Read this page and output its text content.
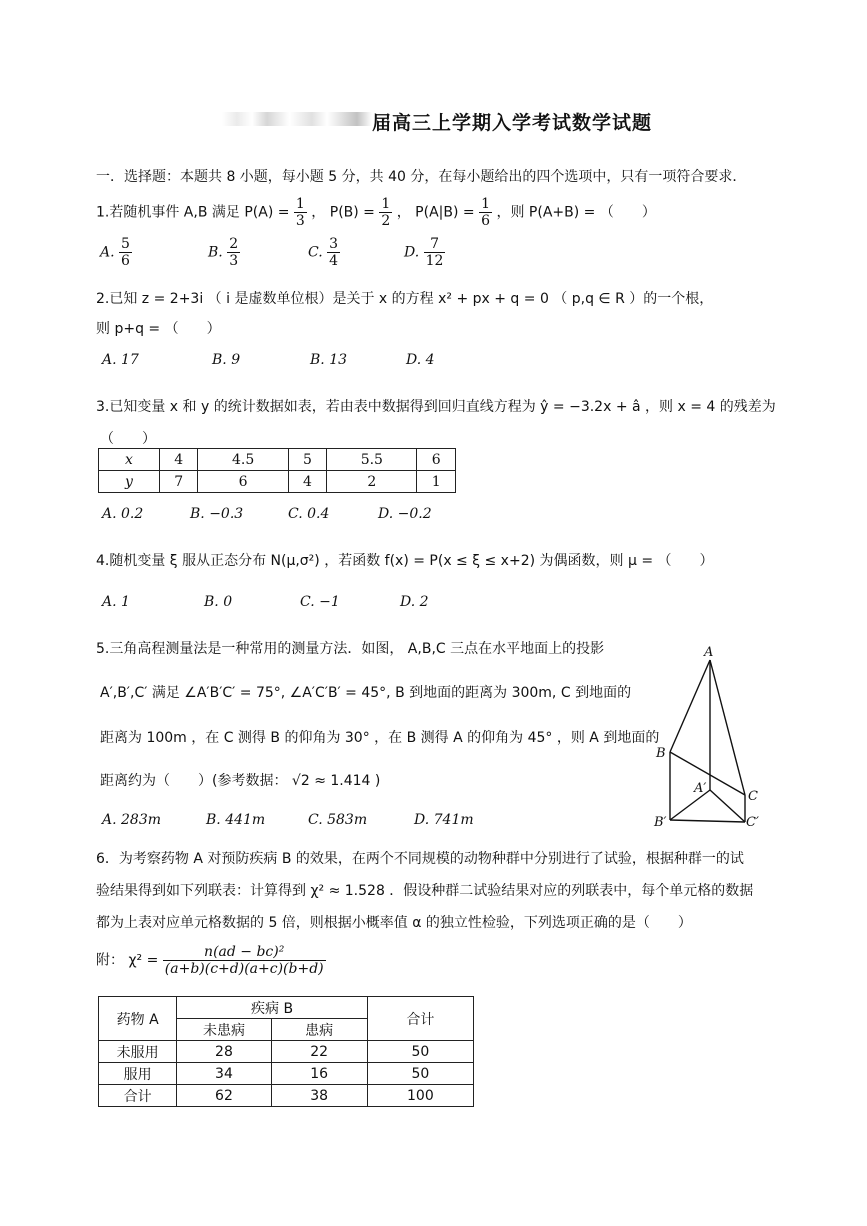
届高三上学期入学考试数学试题
一．选择题：本题共 8 小题，每小题 5 分，共 40 分，在每小题给出的四个选项中，只有一项符合要求．
1.若随机事件 A,B 满足 $P(A) = \frac{1}{3}$ ， $P(B) = \frac{1}{2}$ ， $P(A|B) = \frac{1}{6}$ ，则 P(A+B) = （　　）
A. $\frac{5}{6}$	B. $\frac{2}{3}$	C. $\frac{3}{4}$	D. $\frac{7}{12}$
2.已知 z = 2+3i （ i 是虚数单位根）是关于 x 的方程 x² + px + q = 0 （ p,q ∈ R ）的一个根，
则 p+q = （　　）
A. 17	B. 9	B. 13	D. 4
3.已知变量 x 和 y 的统计数据如表，若由表中数据得到回归直线方程为 ŷ = −3.2x + â ，则 x = 4 的残差为
（　　）
x	4	4.5	5	5.5	6
y	7	6	4	2	1
A. 0.2	B. −0.3	C. 0.4	D. −0.2
4.随机变量 ξ 服从正态分布 N(μ,σ²) ，若函数 f(x) = P(x ≤ ξ ≤ x+2) 为偶函数，则 μ = （　　）
A. 1	B. 0	C. −1	D. 2
5.三角高程测量法是一种常用的测量方法．如图， A,B,C 三点在水平地面上的投影
A′,B′,C′ 满足 ∠A′B′C′ = 75°, ∠A′C′B′ = 45°, B 到地面的距离为 300m, C 到地面的
距离为 100m ，在 C 测得 B 的仰角为 30° ，在 B 测得 A 的仰角为 45° ，则 A 到地面的
距离约为（　　）(参考数据： √2 ≈ 1.414 )
A. 283m	B. 441m	C. 583m	D. 741m
A
B
C
A′
B′	C′
6．为考察药物 A 对预防疾病 B 的效果，在两个不同规模的动物种群中分别进行了试验，根据种群一的试
验结果得到如下列联表：计算得到 χ² ≈ 1.528 ．假设种群二试验结果对应的列联表中，每个单元格的数据
都为上表对应单元格数据的 5 倍，则根据小概率值 α 的独立性检验，下列选项正确的是（　　）
附： $\chi^2 = \frac{\text{n(ad − bc)²}}{(a+b)(c+d)(a+c)(b+d)}$
药物 A	疾病 B		合计
	未患病	患病	
未服用	28	22	50
服用	34	16	50
合计	62	38	100
